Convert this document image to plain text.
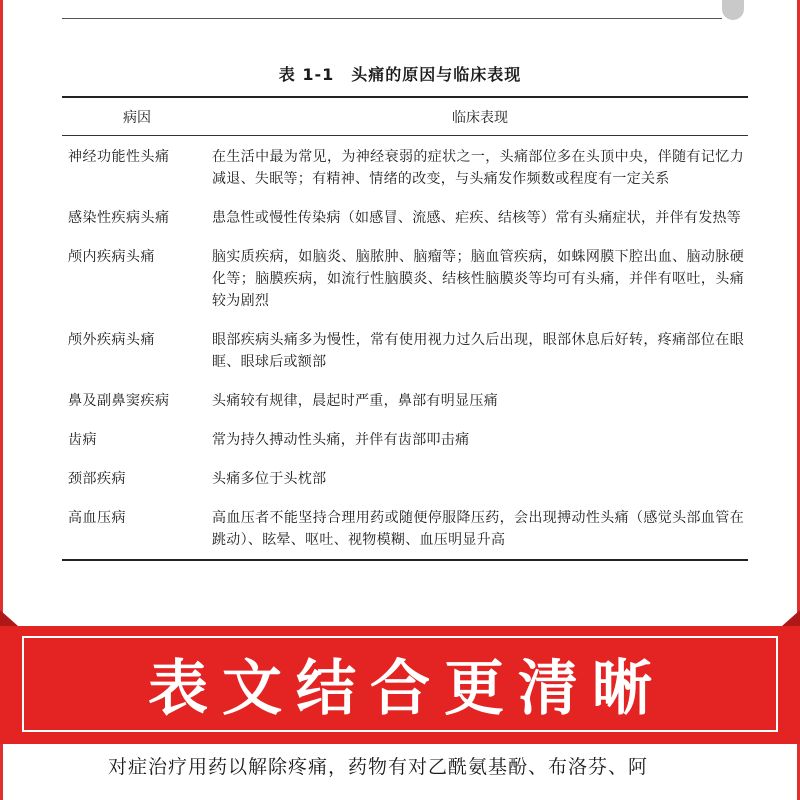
表 1-1　头痛的原因与临床表现
病因	临床表现
神经功能性头痛	在生活中最为常见，为神经衰弱的症状之一，头痛部位多在头顶中央，伴随有记忆力减退、失眠等；有精神、情绪的改变，与头痛发作频数或程度有一定关系
感染性疾病头痛	患急性或慢性传染病（如感冒、流感、疟疾、结核等）常有头痛症状，并伴有发热等
颅内疾病头痛	脑实质疾病，如脑炎、脑脓肿、脑瘤等；脑血管疾病，如蛛网膜下腔出血、脑动脉硬化等；脑膜疾病，如流行性脑膜炎、结核性脑膜炎等均可有头痛，并伴有呕吐，头痛较为剧烈
颅外疾病头痛	眼部疾病头痛多为慢性，常有使用视力过久后出现，眼部休息后好转，疼痛部位在眼眶、眼球后或额部
鼻及副鼻窦疾病	头痛较有规律，晨起时严重，鼻部有明显压痛
齿病	常为持久搏动性头痛，并伴有齿部叩击痛
颈部疾病	头痛多位于头枕部
高血压病	高血压者不能坚持合理用药或随便停服降压药，会出现搏动性头痛（感觉头部血管在跳动）、眩晕、呕吐、视物模糊、血压明显升高
表文结合更清晰
对症治疗用药以解除疼痛，药物有对乙酰氨基酚、布洛芬、阿
